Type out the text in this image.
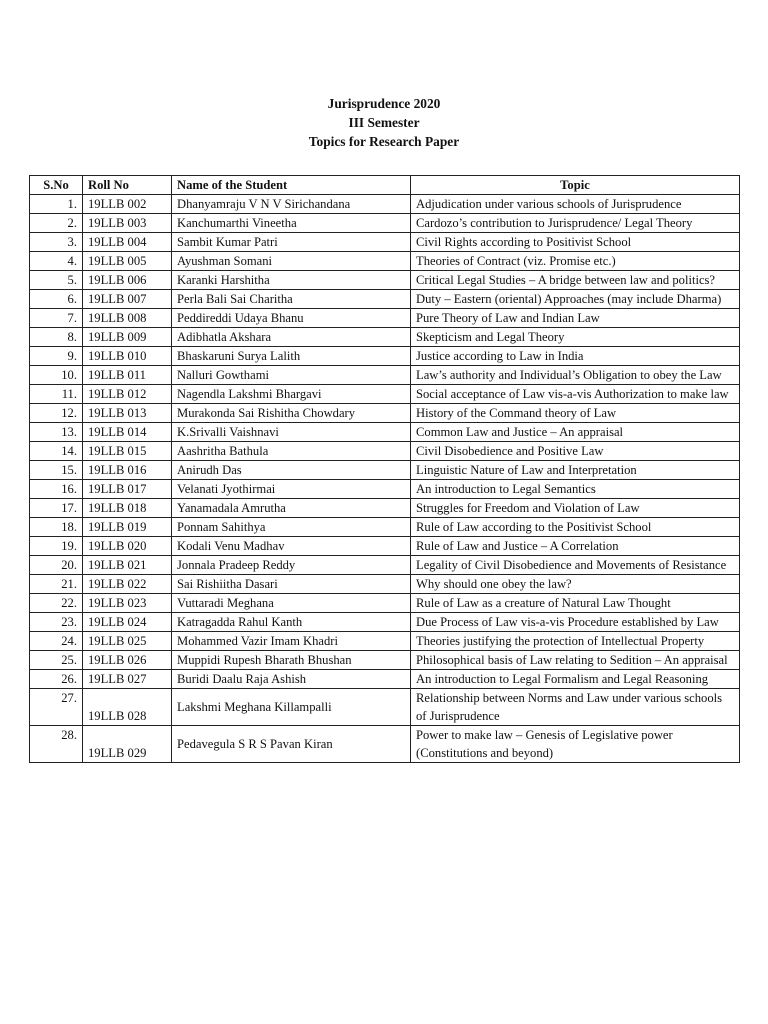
Jurisprudence 2020
III Semester
Topics for Research Paper
S.No	Roll No	Name of the Student	Topic
1.	19LLB 002	Dhanyamraju V N V Sirichandana	Adjudication under various schools of Jurisprudence
2.	19LLB 003	Kanchumarthi Vineetha	Cardozo’s contribution to Jurisprudence/ Legal Theory
3.	19LLB 004	Sambit Kumar Patri	Civil Rights according to Positivist School
4.	19LLB 005	Ayushman Somani	Theories of Contract (viz. Promise etc.)
5.	19LLB 006	Karanki Harshitha	Critical Legal Studies – A bridge between law and politics?
6.	19LLB 007	Perla Bali Sai Charitha	Duty – Eastern (oriental) Approaches (may include Dharma)
7.	19LLB 008	Peddireddi Udaya Bhanu	Pure Theory of Law and Indian Law
8.	19LLB 009	Adibhatla Akshara	Skepticism and Legal Theory
9.	19LLB 010	Bhaskaruni Surya Lalith	Justice according to Law in India
10.	19LLB 011	Nalluri Gowthami	Law’s authority and Individual’s Obligation to obey the Law
11.	19LLB 012	Nagendla Lakshmi Bhargavi	Social acceptance of Law vis-a-vis Authorization to make law
12.	19LLB 013	Murakonda Sai Rishitha Chowdary	History of the Command theory of Law
13.	19LLB 014	K.Srivalli Vaishnavi	Common Law and Justice – An appraisal
14.	19LLB 015	Aashritha Bathula	Civil Disobedience and Positive Law
15.	19LLB 016	Anirudh Das	Linguistic Nature of Law and Interpretation
16.	19LLB 017	Velanati Jyothirmai	An introduction to Legal Semantics
17.	19LLB 018	Yanamadala Amrutha	Struggles for Freedom and Violation of Law
18.	19LLB 019	Ponnam Sahithya	Rule of Law according to the Positivist School
19.	19LLB 020	Kodali Venu Madhav	Rule of Law and Justice – A Correlation
20.	19LLB 021	Jonnala Pradeep Reddy	Legality of Civil Disobedience and Movements of Resistance
21.	19LLB 022	Sai Rishiitha Dasari	Why should one obey the law?
22.	19LLB 023	Vuttaradi Meghana	Rule of Law as a creature of Natural Law Thought
23.	19LLB 024	Katragadda Rahul Kanth	Due Process of Law vis-a-vis Procedure established by Law
24.	19LLB 025	Mohammed Vazir Imam Khadri	Theories justifying the protection of Intellectual Property
25.	19LLB 026	Muppidi Rupesh Bharath Bhushan	Philosophical basis of Law relating to Sedition – An appraisal
26.	19LLB 027	Buridi Daalu Raja Ashish	An introduction to Legal Formalism and Legal Reasoning
27.	19LLB 028	Lakshmi Meghana Killampalli	Relationship between Norms and Law under various schools of Jurisprudence
28.	19LLB 029	Pedavegula S R S Pavan Kiran	Power to make law – Genesis of Legislative power (Constitutions and beyond)
